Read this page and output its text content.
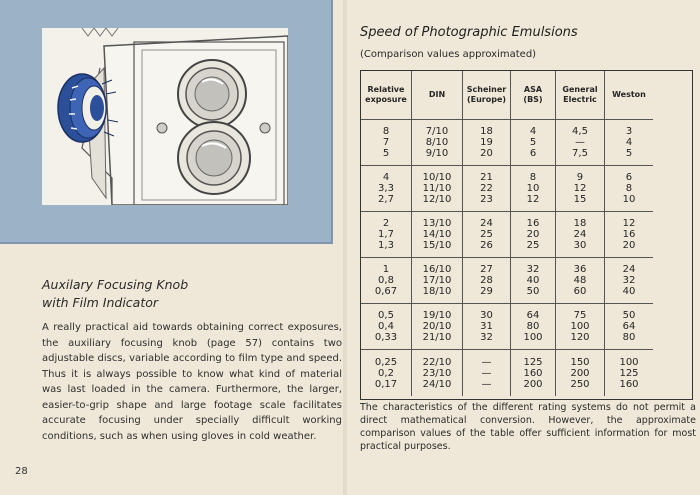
Auxilary Focusing Knob
with Film Indicator
A really practical aid towards obtaining correct exposures, the auxiliary focusing knob (page 57) contains two adjustable discs, variable according to film type and speed. Thus it is always possible to know what kind of material was last loaded in the camera. Furthermore, the larger, easier-to-grip shape and large footage scale facilitates accurate focusing under specially difficult working conditions, such as when using gloves in cold weather.
28
Speed of Photographic Emulsions
(Comparison values approximated)
Relative
exposure
DIN
Scheiner
(Europe)
ASA
(BS)
General
Electric
Weston
8
7
5
7/10
8/10
9/10
18
19
20
4
5
6
4,5
—
7,5
3
4
5
4
3,3
2,7
10/10
11/10
12/10
21
22
23
8
10
12
9
12
15
6
8
10
2
1,7
1,3
13/10
14/10
15/10
24
25
26
16
20
25
18
24
30
12
16
20
1
0,8
0,67
16/10
17/10
18/10
27
28
29
32
40
50
36
48
60
24
32
40
0,5
0,4
0,33
19/10
20/10
21/10
30
31
32
64
80
100
75
100
120
50
64
80
0,25
0,2
0,17
22/10
23/10
24/10
—
—
—
125
160
200
150
200
250
100
125
160
The characteristics of the different rating systems do not permit a direct mathematical conversion. However, the approximate comparison values of the table offer sufficient information for most practical purposes.
